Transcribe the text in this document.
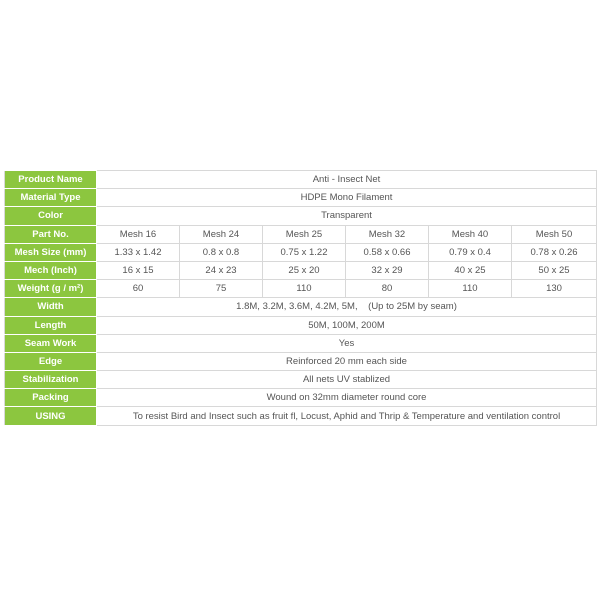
Product Name	Anti - Insect Net					
Material Type	HDPE Mono Filament					
Color	Transparent					
Part No.	Mesh 16	Mesh 24	Mesh 25	Mesh 32	Mesh 40	Mesh 50
Mesh Size (mm)	1.33 x 1.42	0.8 x 0.8	0.75 x 1.22	0.58 x 0.66	0.79 x 0.4	0.78 x 0.26
Mech (Inch)	16 x 15	24 x 23	25 x 20	32 x 29	40 x 25	50 x 25
Weight (g / m²)	60	75	110	80	110	130
Width	1.8M, 3.2M, 3.6M, 4.2M, 5M,    (Up to 25M by seam)					
Length	50M, 100M, 200M					
Seam Work	Yes					
Edge	Reinforced 20 mm each side					
Stabilization	All nets UV stablized					
Packing	Wound on 32mm diameter round core					
USING	To resist Bird and Insect such as fruit fl, Locust, Aphid and Thrip & Temperature and ventilation control					
